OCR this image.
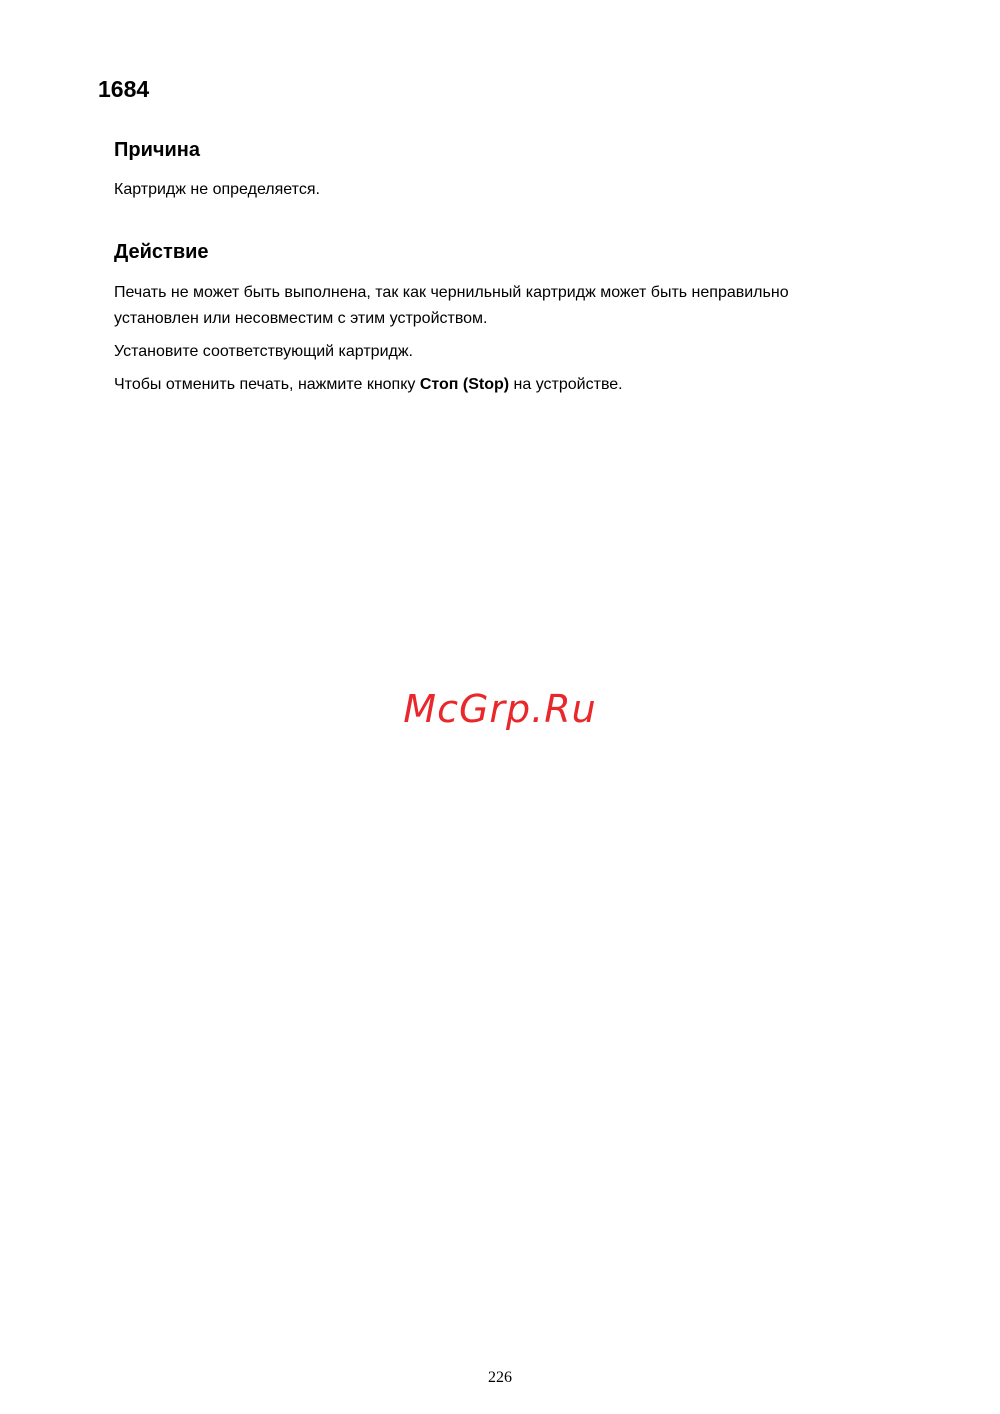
1684
Причина

Картридж не определяется.

Действие

Печать не может быть выполнена, так как чернильный картридж может быть неправильно установлен или несовместим с этим устройством.

Установите соответствующий картридж.

Чтобы отменить печать, нажмите кнопку Стоп (Stop) на устройстве.

McGrp.Ru
226
